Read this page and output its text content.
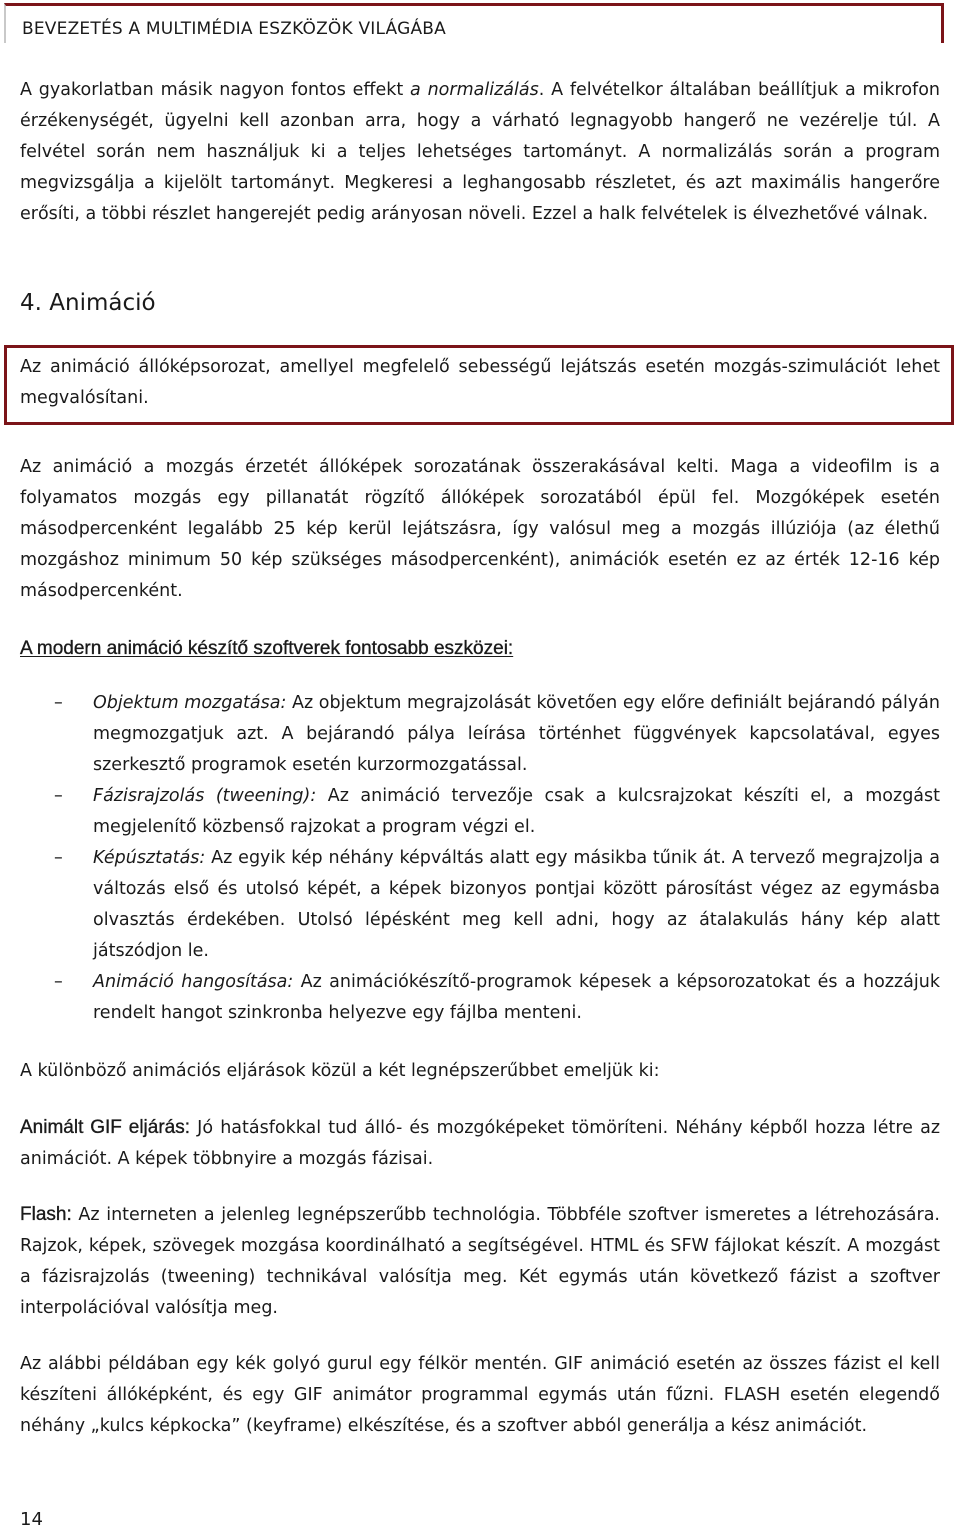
BEVEZETÉS A MULTIMÉDIA ESZKÖZÖK VILÁGÁBA

A gyakorlatban másik nagyon fontos effekt a normalizálás. A felvételkor általában beállítjuk a mikrofon érzékenységét, ügyelni kell azonban arra, hogy a várható legnagyobb hangerő ne vezérelje túl. A felvétel során nem használjuk ki a teljes lehetséges tartományt. A normalizálás során a program megvizsgálja a kijelölt tartományt. Megkeresi a leghangosabb részletet, és azt maximális hangerőre erősíti, a többi részlet hangerejét pedig arányosan növeli. Ezzel a halk felvételek is élvezhetővé válnak.

4. Animáció
Az animáció állóképsorozat, amellyel megfelelő sebességű lejátszás esetén mozgás-szimulációt lehet megvalósítani.

Az animáció a mozgás érzetét állóképek sorozatának összerakásával kelti. Maga a videofilm is a folyamatos mozgás egy pillanatát rögzítő állóképek sorozatából épül fel. Mozgóképek esetén másodpercenként legalább 25 kép kerül lejátszásra, így valósul meg a mozgás illúziója (az élethű mozgáshoz minimum 50 kép szükséges másodpercenként), animációk esetén ez az érték 12-16 kép másodpercenként.

A modern animáció készítő szoftverek fontosabb eszközei:

– Objektum mozgatása: Az objektum megrajzolását követően egy előre definiált bejárandó pályán megmozgatjuk azt. A bejárandó pálya leírása történhet függvények kapcsolatával, egyes szerkesztő programok esetén kurzormozgatással.
– Fázisrajzolás (tweening): Az animáció tervezője csak a kulcsrajzokat készíti el, a mozgást megjelenítő közbenső rajzokat a program végzi el.
– Képúsztatás: Az egyik kép néhány képváltás alatt egy másikba tűnik át. A tervező megrajzolja a változás első és utolsó képét, a képek bizonyos pontjai között párosítást végez az egymásba olvasztás érdekében. Utolsó lépésként meg kell adni, hogy az átalakulás hány kép alatt játszódjon le.
– Animáció hangosítása: Az animációkészítő-programok képesek a képsorozatokat és a hozzájuk rendelt hangot szinkronba helyezve egy fájlba menteni.

A különböző animációs eljárások közül a két legnépszerűbbet emeljük ki:

Animált GIF eljárás: Jó hatásfokkal tud álló- és mozgóképeket tömöríteni. Néhány képből hozza létre az animációt. A képek többnyire a mozgás fázisai.

Flash: Az interneten a jelenleg legnépszerűbb technológia. Többféle szoftver ismeretes a létrehozására. Rajzok, képek, szövegek mozgása koordinálható a segítségével. HTML és SFW fájlokat készít. A mozgást a fázisrajzolás (tweening) technikával valósítja meg. Két egymás után következő fázist a szoftver interpolációval valósítja meg.

Az alábbi példában egy kék golyó gurul egy félkör mentén. GIF animáció esetén az összes fázist el kell készíteni állóképként, és egy GIF animátor programmal egymás után fűzni. FLASH esetén elegendő néhány „kulcs képkocka” (keyframe) elkészítése, és a szoftver abból generálja a kész animációt.

14
